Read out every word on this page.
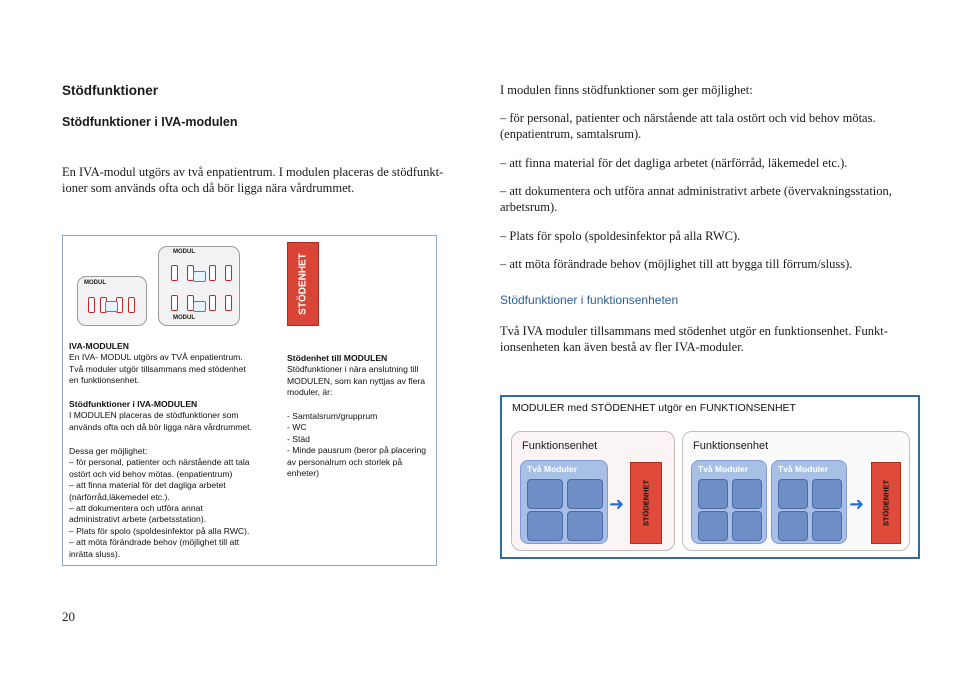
Stödfunktioner
Stödfunktioner i IVA-modulen
En IVA-modul utgörs av två enpatientrum. I modulen placeras de stödfunkt-
ioner som används ofta och då bör ligga nära vårdrummet.
I modulen finns stödfunktioner som ger möjlighet:
– för personal, patienter och närstående att tala ostört och vid behov mötas.
(enpatientrum, samtalsrum).
– att finna material för det dagliga arbetet (närförråd, läkemedel etc.).
– att dokumentera och utföra annat administrativt arbete (övervakningsstation,
arbetsrum).
– Plats för spolo (spoldesinfektor på alla RWC).
– att möta förändrade behov (möjlighet till att bygga till förrum/sluss).
Stödfunktioner i funktionsenheten
Två IVA moduler tillsammans med stödenhet utgör en funktionsenhet. Funkt-
ionsenheten kan även bestå av fler IVA-moduler.
MODUL
MODUL
MODUL	STÖDENHET
IVA-MODULEN
En IVA- MODUL utgörs av TVÅ enpatientrum.
Två moduler utgör tillsammans med stödenhet
en funktionsenhet.
Stödfunktioner i IVA-MODULEN
I MODULEN placeras de stödfunktioner som
används ofta och då bör ligga nära vårdrummet.
Dessa ger möjlighet:
– för personal, patienter och närstående att tala
ostört och vid behov mötas. (enpatientrum)
– att finna material för det dagliga arbetet
(närförråd,läkemedel etc.).
– att dokumentera och utföra annat
administrativt arbete (arbetsstation).
– Plats för spolo (spoldesinfektor på alla RWC).
– att möta förändrade behov (möjlighet till att
inrätta sluss).
Stödenhet till MODULEN
Stödfunktioner i nära anslutning till
MODULEN, som kan nyttjas av flera
moduler, är:
- Samtalsrum/grupprum
- WC
- Städ
- Minde pausrum (beror på placering
av personalrum och storlek på
enheter)
MODULER med STÖDENHET utgör en FUNKTIONSENHET
Funktionsenhet
Två Moduler
➜ STÖDENHET
Funktionsenhet
Två Moduler	Två Moduler
➜ STÖDENHET
20
